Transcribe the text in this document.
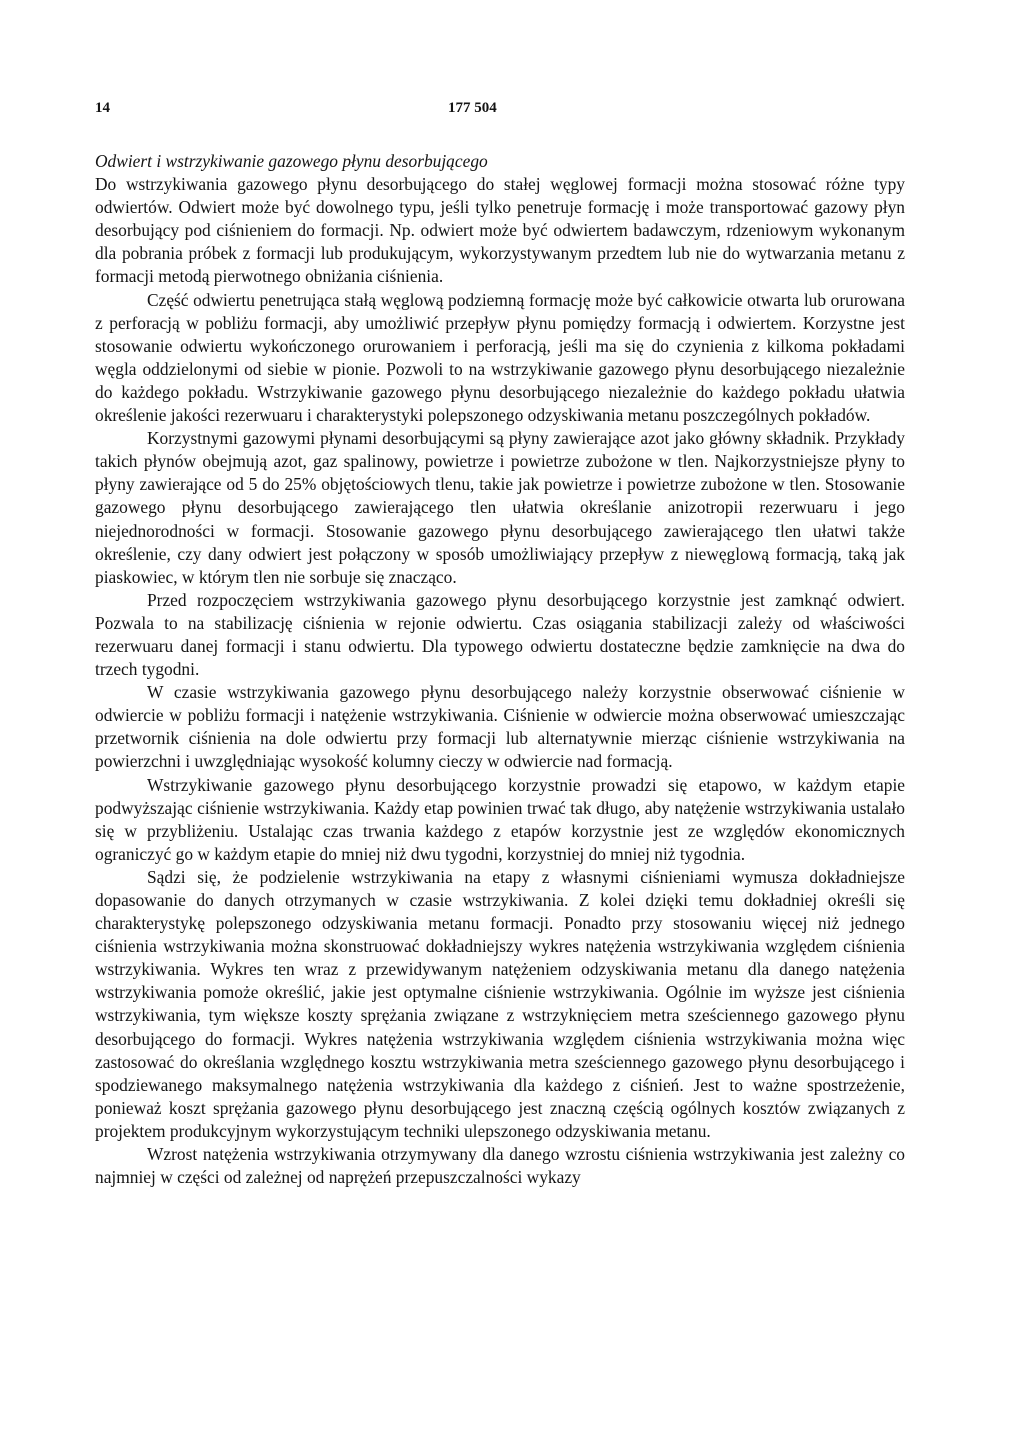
14	177 504

Odwiert i wstrzykiwanie gazowego płynu desorbującego

Do wstrzykiwania gazowego płynu desorbującego do stałej węglowej formacji można stosować różne typy odwiertów. Odwiert może być dowolnego typu, jeśli tylko penetruje formację i może transportować gazowy płyn desorbujący pod ciśnieniem do formacji. Np. odwiert może być odwiertem badawczym, rdzeniowym wykonanym dla pobrania próbek z formacji lub produkującym, wykorzystywanym przedtem lub nie do wytwarzania metanu z formacji metodą pierwotnego obniżania ciśnienia.

Część odwiertu penetrująca stałą węglową podziemną formację może być całkowicie otwarta lub orurowana z perforacją w pobliżu formacji, aby umożliwić przepływ płynu pomiędzy formacją i odwiertem. Korzystne jest stosowanie odwiertu wykończonego orurowaniem i perforacją, jeśli ma się do czynienia z kilkoma pokładami węgla oddzielonymi od siebie w pionie. Pozwoli to na wstrzykiwanie gazowego płynu desorbującego niezależnie do każdego pokładu. Wstrzykiwanie gazowego płynu desorbującego niezależnie do każdego pokładu ułatwia określenie jakości rezerwuaru i charakterystyki polepszonego odzyskiwania metanu poszczególnych pokładów.

Korzystnymi gazowymi płynami desorbującymi są płyny zawierające azot jako główny składnik. Przykłady takich płynów obejmują azot, gaz spalinowy, powietrze i powietrze zubożone w tlen. Najkorzystniejsze płyny to płyny zawierające od 5 do 25% objętościowych tlenu, takie jak powietrze i powietrze zubożone w tlen. Stosowanie gazowego płynu desorbującego zawierającego tlen ułatwia określanie anizotropii rezerwuaru i jego niejednorodności w formacji. Stosowanie gazowego płynu desorbującego zawierającego tlen ułatwi także określenie, czy dany odwiert jest połączony w sposób umożliwiający przepływ z niewęglową formacją, taką jak piaskowiec, w którym tlen nie sorbuje się znacząco.

Przed rozpoczęciem wstrzykiwania gazowego płynu desorbującego korzystnie jest zamknąć odwiert. Pozwala to na stabilizację ciśnienia w rejonie odwiertu. Czas osiągania stabilizacji zależy od właściwości rezerwuaru danej formacji i stanu odwiertu. Dla typowego odwiertu dostateczne będzie zamknięcie na dwa do trzech tygodni.

W czasie wstrzykiwania gazowego płynu desorbującego należy korzystnie obserwować ciśnienie w odwiercie w pobliżu formacji i natężenie wstrzykiwania. Ciśnienie w odwiercie można obserwować umieszczając przetwornik ciśnienia na dole odwiertu przy formacji lub alternatywnie mierząc ciśnienie wstrzykiwania na powierzchni i uwzględniając wysokość kolumny cieczy w odwiercie nad formacją.

Wstrzykiwanie gazowego płynu desorbującego korzystnie prowadzi się etapowo, w każdym etapie podwyższając ciśnienie wstrzykiwania. Każdy etap powinien trwać tak długo, aby natężenie wstrzykiwania ustalało się w przybliżeniu. Ustalając czas trwania każdego z etapów korzystnie jest ze względów ekonomicznych ograniczyć go w każdym etapie do mniej niż dwu tygodni, korzystniej do mniej niż tygodnia.

Sądzi się, że podzielenie wstrzykiwania na etapy z własnymi ciśnieniami wymusza dokładniejsze dopasowanie do danych otrzymanych w czasie wstrzykiwania. Z kolei dzięki temu dokładniej określi się charakterystykę polepszonego odzyskiwania metanu formacji. Ponadto przy stosowaniu więcej niż jednego ciśnienia wstrzykiwania można skonstruować dokładniejszy wykres natężenia wstrzykiwania względem ciśnienia wstrzykiwania. Wykres ten wraz z przewidywanym natężeniem odzyskiwania metanu dla danego natężenia wstrzykiwania pomoże określić, jakie jest optymalne ciśnienie wstrzykiwania. Ogólnie im wyższe jest ciśnienia wstrzykiwania, tym większe koszty sprężania związane z wstrzyknięciem metra sześciennego gazowego płynu desorbującego do formacji. Wykres natężenia wstrzykiwania względem ciśnienia wstrzykiwania można więc zastosować do określania względnego kosztu wstrzykiwania metra sześciennego gazowego płynu desorbującego i spodziewanego maksymalnego natężenia wstrzykiwania dla każdego z ciśnień. Jest to ważne spostrzeżenie, ponieważ koszt sprężania gazowego płynu desorbującego jest znaczną częścią ogólnych kosztów związanych z projektem produkcyjnym wykorzystującym techniki ulepszonego odzyskiwania metanu.

Wzrost natężenia wstrzykiwania otrzymywany dla danego wzrostu ciśnienia wstrzykiwania jest zależny co najmniej w części od zależnej od naprężeń przepuszczalności wykazy
